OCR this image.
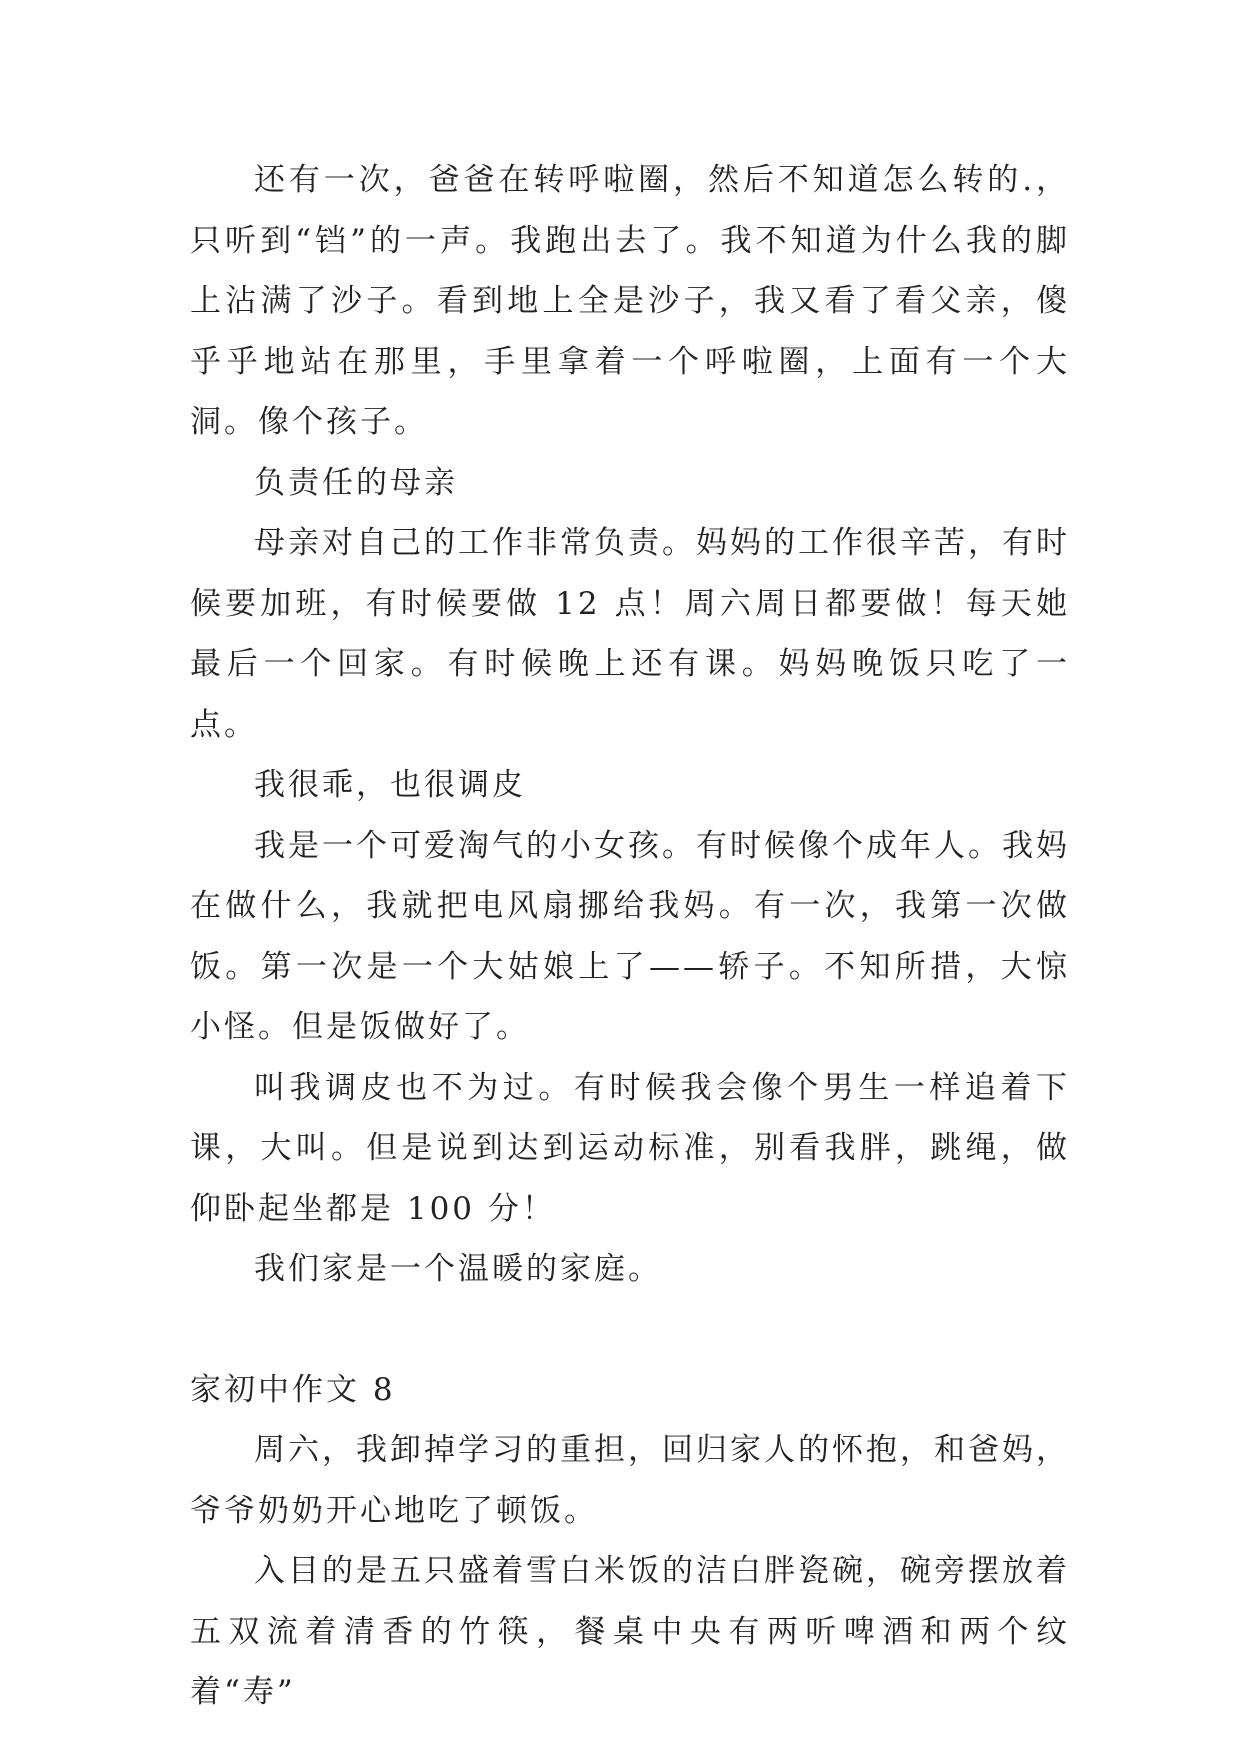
还有一次，爸爸在转呼啦圈，然后不知道怎么转的.，只听到“铛”的一声。我跑出去了。我不知道为什么我的脚上沾满了沙子。看到地上全是沙子，我又看了看父亲，傻乎乎地站在那里，手里拿着一个呼啦圈，上面有一个大洞。像个孩子。

负责任的母亲

母亲对自己的工作非常负责。妈妈的工作很辛苦，有时候要加班，有时候要做 12 点！周六周日都要做！每天她最后一个回家。有时候晚上还有课。妈妈晚饭只吃了一点。

我很乖，也很调皮

我是一个可爱淘气的小女孩。有时候像个成年人。我妈在做什么，我就把电风扇挪给我妈。有一次，我第一次做饭。第一次是一个大姑娘上了——轿子。不知所措，大惊小怪。但是饭做好了。

叫我调皮也不为过。有时候我会像个男生一样追着下课，大叫。但是说到达到运动标准，别看我胖，跳绳，做仰卧起坐都是 100 分！

我们家是一个温暖的家庭。

家初中作文 8

周六，我卸掉学习的重担，回归家人的怀抱，和爸妈，爷爷奶奶开心地吃了顿饭。

入目的是五只盛着雪白米饭的洁白胖瓷碗，碗旁摆放着五双流着清香的竹筷，餐桌中央有两听啤酒和两个纹着“寿”
